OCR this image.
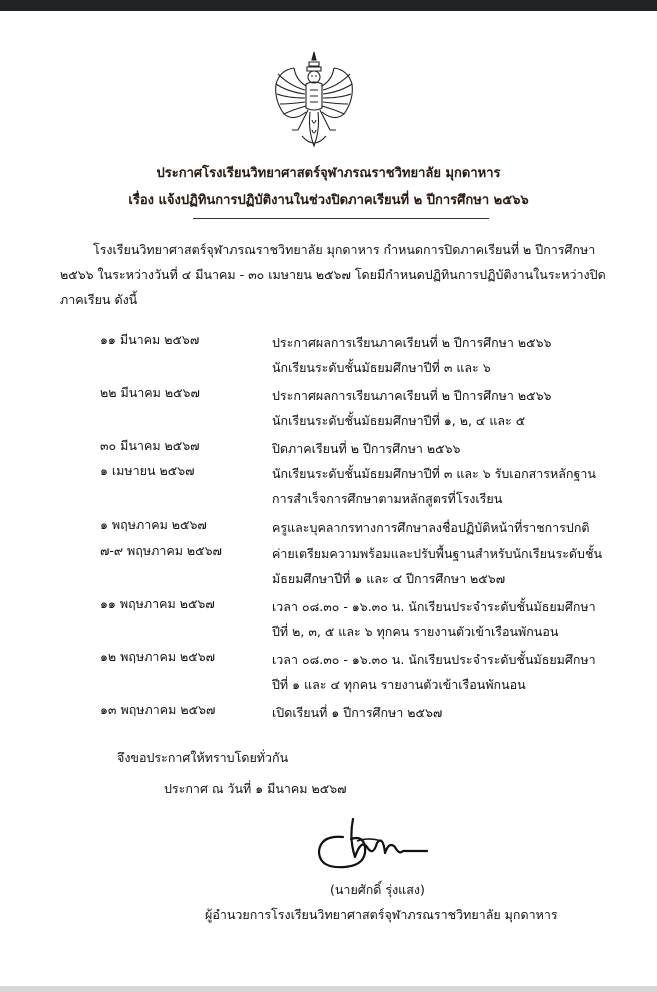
ประกาศโรงเรียนวิทยาศาสตร์จุฬาภรณราชวิทยาลัย มุกดาหาร
เรื่อง แจ้งปฏิทินการปฏิบัติงานในช่วงปิดภาคเรียนที่ ๒ ปีการศึกษา ๒๕๖๖
โรงเรียนวิทยาศาสตร์จุฬาภรณราชวิทยาลัย มุกดาหาร กำหนดการปิดภาคเรียนที่ ๒ ปีการศึกษา ๒๕๖๖ ในระหว่างวันที่ ๔ มีนาคม - ๓๐ เมษายน ๒๕๖๗ โดยมีกำหนดปฏิทินการปฏิบัติงานในระหว่างปิดภาคเรียน ดังนี้
๑๑ มีนาคม ๒๕๖๗	ประกาศผลการเรียนภาคเรียนที่ ๒ ปีการศึกษา ๒๕๖๖
นักเรียนระดับชั้นมัธยมศึกษาปีที่ ๓ และ ๖
๒๒ มีนาคม ๒๕๖๗	ประกาศผลการเรียนภาคเรียนที่ ๒ ปีการศึกษา ๒๕๖๖
นักเรียนระดับชั้นมัธยมศึกษาปีที่ ๑, ๒, ๔ และ ๕
๓๐ มีนาคม ๒๕๖๗	ปิดภาคเรียนที่ ๒ ปีการศึกษา ๒๕๖๖
๑ เมษายน ๒๕๖๗	นักเรียนระดับชั้นมัธยมศึกษาปีที่ ๓ และ ๖ รับเอกสารหลักฐาน
การสำเร็จการศึกษาตามหลักสูตรที่โรงเรียน
๑ พฤษภาคม ๒๕๖๗	ครูและบุคลากรทางการศึกษาลงชื่อปฏิบัติหน้าที่ราชการปกติ
๗-๙ พฤษภาคม ๒๕๖๗	ค่ายเตรียมความพร้อมและปรับพื้นฐานสำหรับนักเรียนระดับชั้น
มัธยมศึกษาปีที่ ๑ และ ๔ ปีการศึกษา ๒๕๖๗
๑๑ พฤษภาคม ๒๕๖๗	เวลา ๐๘.๓๐ - ๑๖.๓๐ น. นักเรียนประจำระดับชั้นมัธยมศึกษา
ปีที่ ๒, ๓, ๕ และ ๖ ทุกคน รายงานตัวเข้าเรือนพักนอน
๑๒ พฤษภาคม ๒๕๖๗	เวลา ๐๘.๓๐ - ๑๖.๓๐ น. นักเรียนประจำระดับชั้นมัธยมศึกษา
ปีที่ ๑ และ ๔ ทุกคน รายงานตัวเข้าเรือนพักนอน
๑๓ พฤษภาคม ๒๕๖๗	เปิดเรียนที่ ๑ ปีการศึกษา ๒๕๖๗
จึงขอประกาศให้ทราบโดยทั่วกัน
ประกาศ ณ วันที่ ๑ มีนาคม ๒๕๖๗
(นายศักดิ์ รุ่งแสง)
ผู้อำนวยการโรงเรียนวิทยาศาสตร์จุฬาภรณราชวิทยาลัย มุกดาหาร
